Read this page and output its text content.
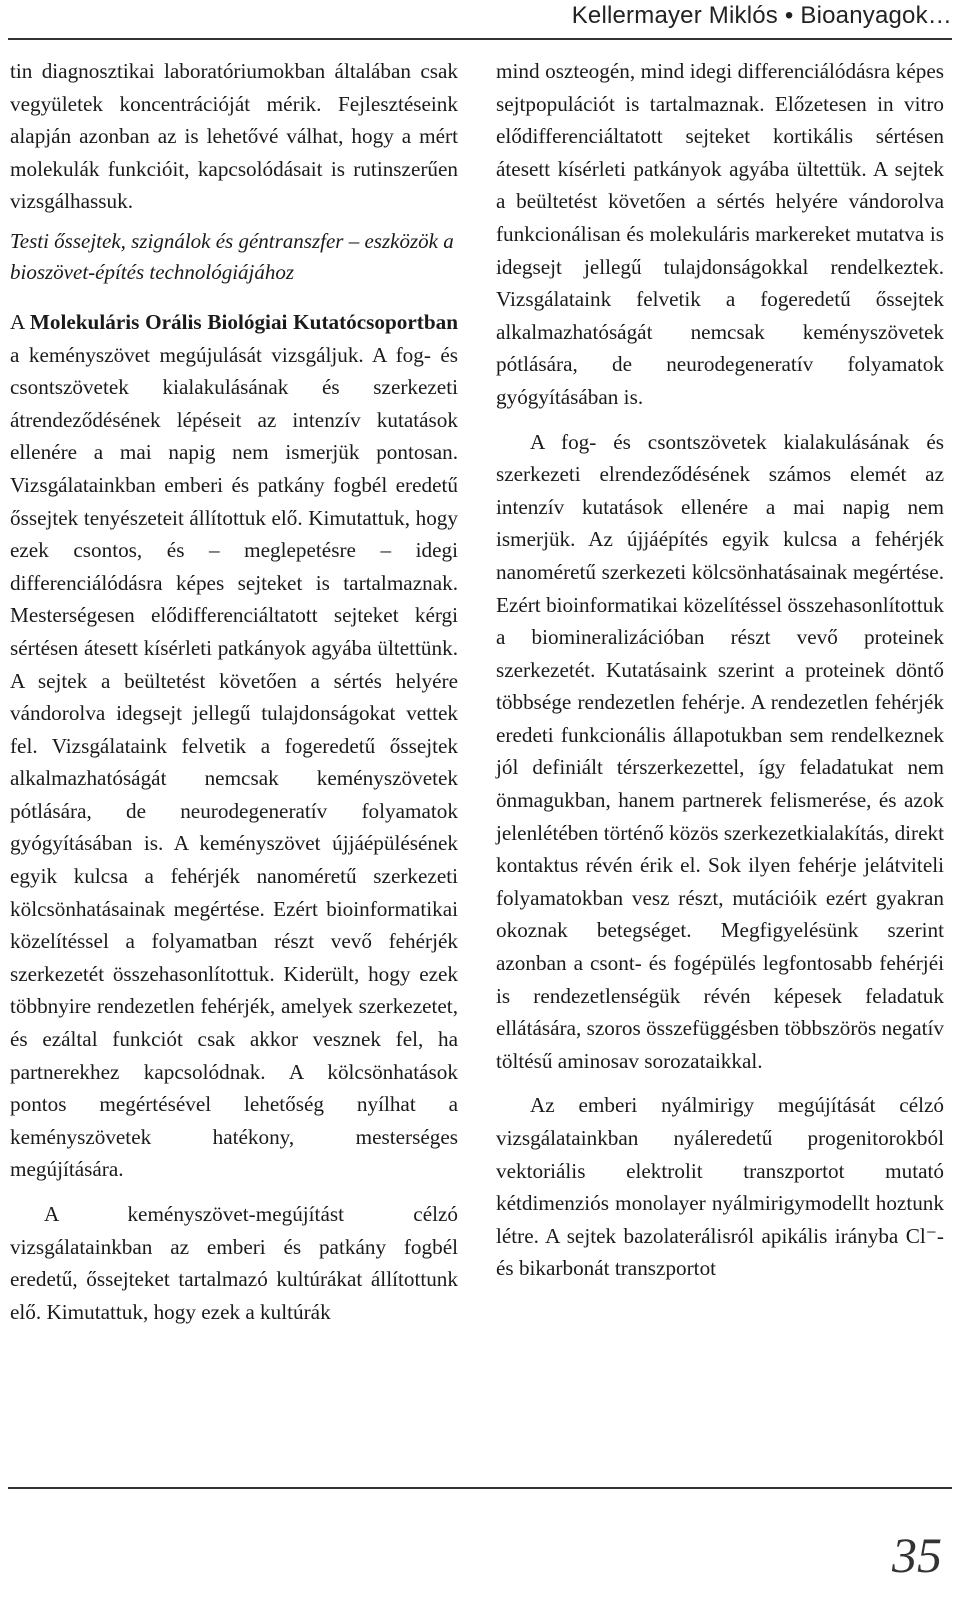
Kellermayer Miklós • Bioanyagok…

tin diagnosztikai laboratóriumokban általában csak vegyületek koncentrációját mérik. Fejlesztéseink alapján azonban az is lehetővé válhat, hogy a mért molekulák funkcióit, kapcsolódásait is rutinszerűen vizsgálhassuk.

Testi őssejtek, szignálok és géntranszfer – eszközök a bioszövet-építés technológiájához

A Molekuláris Orális Biológiai Kutatócsoportban a keményszövet megújulását vizsgáljuk. A fog- és csontszövetek kialakulásának és szerkezeti átrendeződésének lépéseit az intenzív kutatások ellenére a mai napig nem ismerjük pontosan. Vizsgálatainkban emberi és patkány fogbél eredetű őssejtek tenyészeteit állítottuk elő. Kimutattuk, hogy ezek csontos, és – meglepetésre – idegi differenciálódásra képes sejteket is tartalmaznak. Mesterségesen elődifferenciáltatott sejteket kérgi sértésen átesett kísérleti patkányok agyába ültettünk. A sejtek a beültetést követően a sértés helyére vándorolva idegsejt jellegű tulajdonságokat vettek fel. Vizsgálataink felvetik a fogeredetű őssejtek alkalmazhatóságát nemcsak keményszövetek pótlására, de neurodegeneratív folyamatok gyógyításában is. A keményszövet újjáépülésének egyik kulcsa a fehérjék nanoméretű szerkezeti kölcsönhatásainak megértése. Ezért bioinformatikai közelítéssel a folyamatban részt vevő fehérjék szerkezetét összehasonlítottuk. Kiderült, hogy ezek többnyire rendezetlen fehérjék, amelyek szerkezetet, és ezáltal funkciót csak akkor vesznek fel, ha partnerekhez kapcsolódnak. A kölcsönhatások pontos megértésével lehetőség nyílhat a keményszövetek hatékony, mesterséges megújítására.

A keményszövet-megújítást célzó vizsgálatainkban az emberi és patkány fogbél eredetű, őssejteket tartalmazó kultúrákat állítottunk elő. Kimutattuk, hogy ezek a kultúrák

mind oszteogén, mind idegi differenciálódásra képes sejtpopulációt is tartalmaznak. Előzetesen in vitro elődifferenciáltatott sejteket kortikális sértésen átesett kísérleti patkányok agyába ültettük. A sejtek a beültetést követően a sértés helyére vándorolva funkcionálisan és molekuláris markereket mutatva is idegsejt jellegű tulajdonságokkal rendelkeztek. Vizsgálataink felvetik a fogeredetű őssejtek alkalmazhatóságát nemcsak keményszövetek pótlására, de neurodegeneratív folyamatok gyógyításában is.

A fog- és csontszövetek kialakulásának és szerkezeti elrendeződésének számos elemét az intenzív kutatások ellenére a mai napig nem ismerjük. Az újjáépítés egyik kulcsa a fehérjék nanoméretű szerkezeti kölcsönhatásainak megértése. Ezért bioinformatikai közelítéssel összehasonlítottuk a biomineralizációban részt vevő proteinek szerkezetét. Kutatásaink szerint a proteinek döntő többsége rendezetlen fehérje. A rendezetlen fehérjék eredeti funkcionális állapotukban sem rendelkeznek jól definiált térszerkezettel, így feladatukat nem önmagukban, hanem partnerek felismerése, és azok jelenlétében történő közös szerkezetkialakítás, direkt kontaktus révén érik el. Sok ilyen fehérje jelátviteli folyamatokban vesz részt, mutációik ezért gyakran okoznak betegséget. Megfigyelésünk szerint azonban a csont- és fogépülés legfontosabb fehérjéi is rendezetlenségük révén képesek feladatuk ellátására, szoros összefüggésben többszörös negatív töltésű aminosav sorozataikkal.

Az emberi nyálmirigy megújítását célzó vizsgálatainkban nyáleredetű progenitorokból vektoriális elektrolit transzportot mutató kétdimenziós monolayer nyálmirigymodellt hoztunk létre. A sejtek bazolaterálisról apikális irányba Cl⁻- és bikarbonát transzportot

35
